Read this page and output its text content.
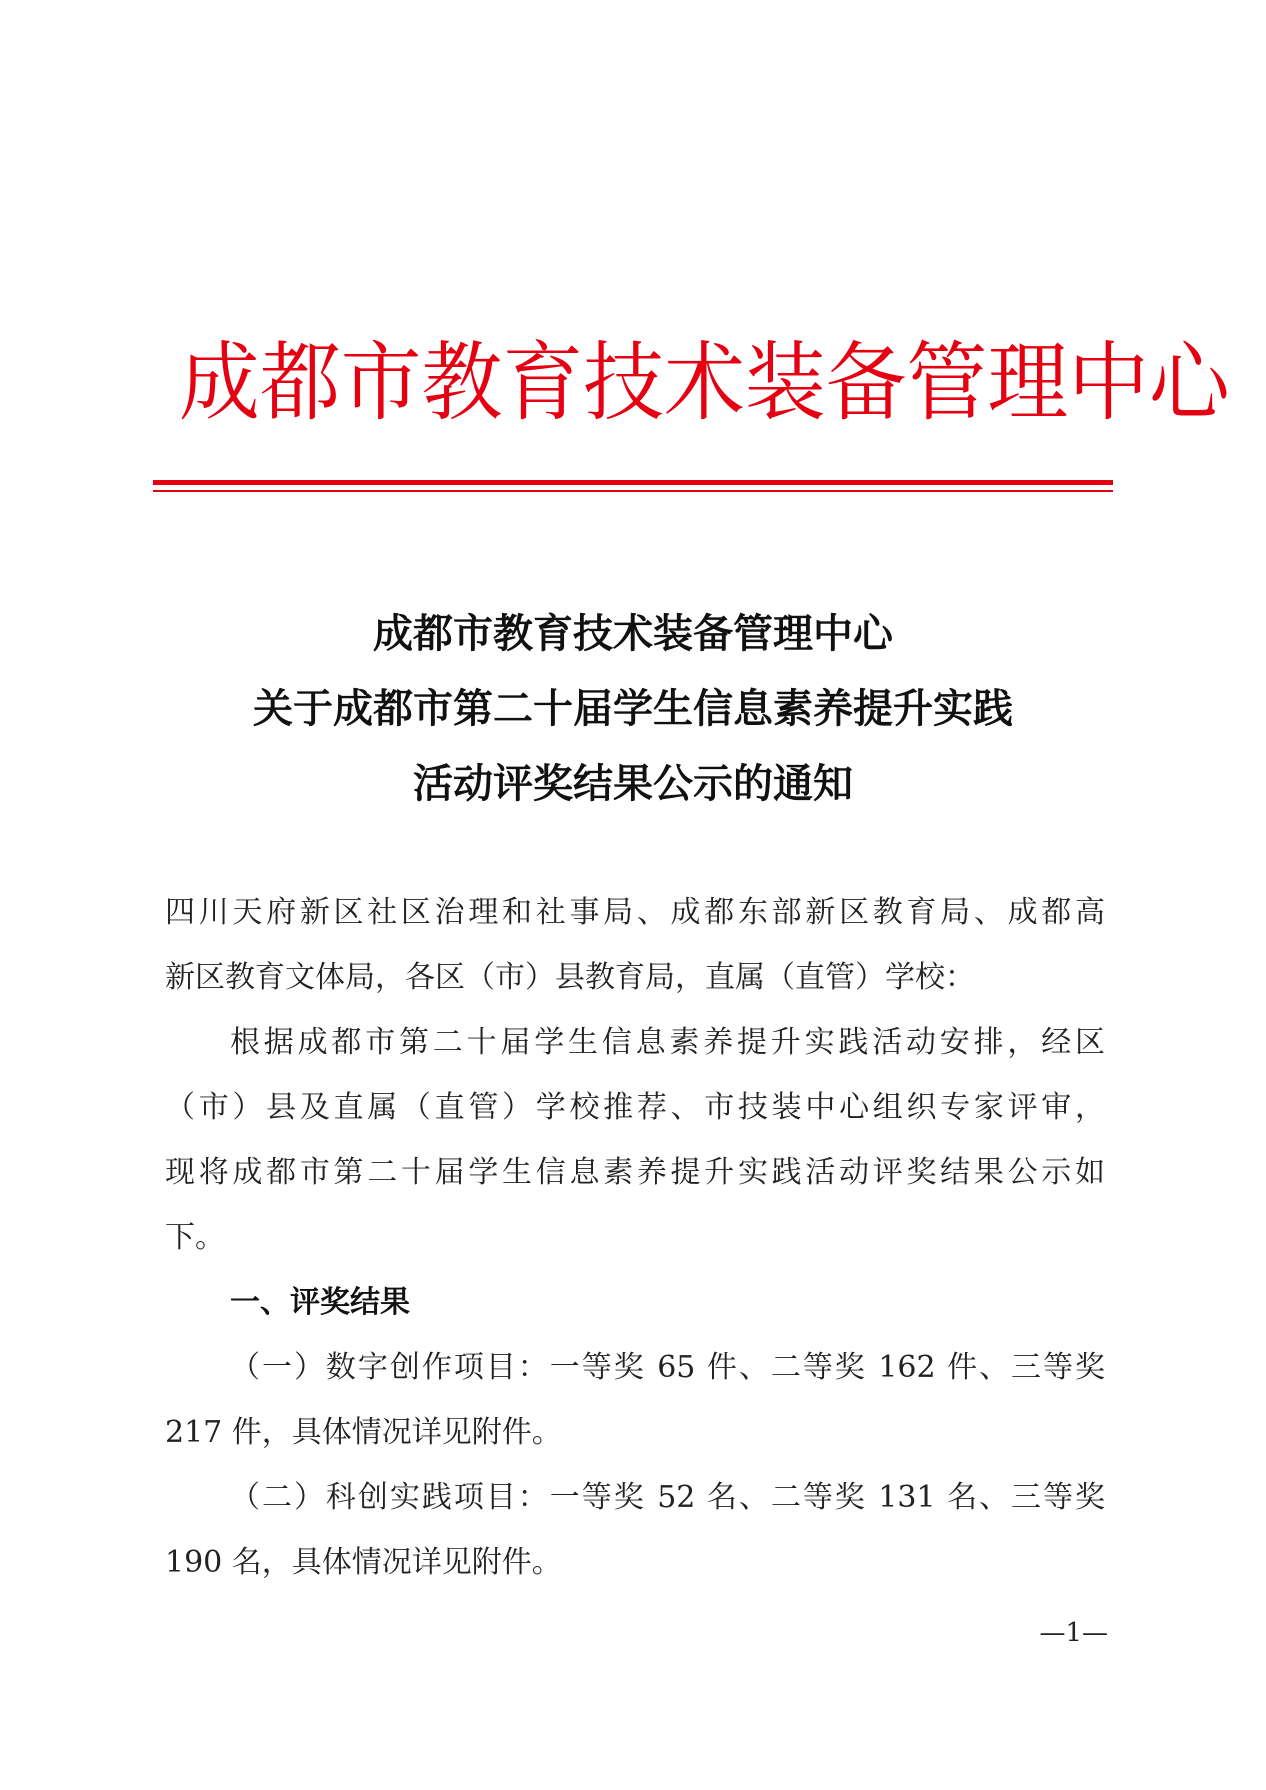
成都市教育技术装备管理中心
成都市教育技术装备管理中心
关于成都市第二十届学生信息素养提升实践
活动评奖结果公示的通知
四川天府新区社区治理和社事局、成都东部新区教育局、成都高
新区教育文体局，各区（市）县教育局，直属（直管）学校：
根据成都市第二十届学生信息素养提升实践活动安排，经区
（市）县及直属（直管）学校推荐、市技装中心组织专家评审，
现将成都市第二十届学生信息素养提升实践活动评奖结果公示如
下。
一、评奖结果
（一）数字创作项目：一等奖 65 件、二等奖 162 件、三等奖
217 件，具体情况详见附件。
（二）科创实践项目：一等奖 52 名、二等奖 131 名、三等奖
190 名，具体情况详见附件。
—1—
